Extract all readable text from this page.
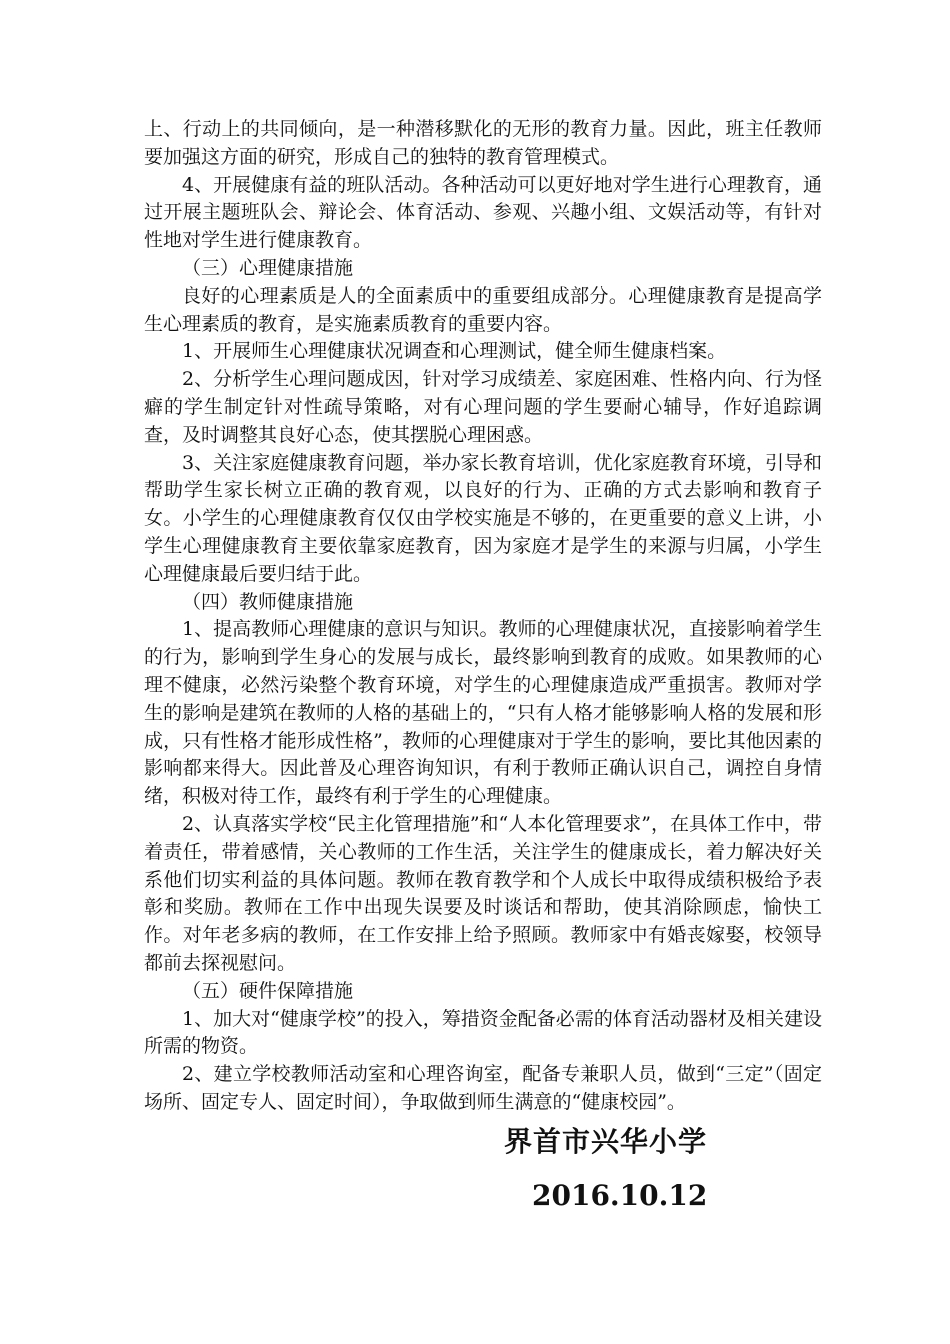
上、行动上的共同倾向，是一种潜移默化的无形的教育力量。因此，班主任教师要加强这方面的研究，形成自己的独特的教育管理模式。

4、开展健康有益的班队活动。各种活动可以更好地对学生进行心理教育，通过开展主题班队会、辩论会、体育活动、参观、兴趣小组、文娱活动等，有针对性地对学生进行健康教育。

（三）心理健康措施

良好的心理素质是人的全面素质中的重要组成部分。心理健康教育是提高学生心理素质的教育，是实施素质教育的重要内容。

1、开展师生心理健康状况调查和心理测试，健全师生健康档案。

2、分析学生心理问题成因，针对学习成绩差、家庭困难、性格内向、行为怪癖的学生制定针对性疏导策略，对有心理问题的学生要耐心辅导，作好追踪调查，及时调整其良好心态，使其摆脱心理困惑。

3、关注家庭健康教育问题，举办家长教育培训，优化家庭教育环境，引导和帮助学生家长树立正确的教育观，以良好的行为、正确的方式去影响和教育子女。小学生的心理健康教育仅仅由学校实施是不够的，在更重要的意义上讲，小学生心理健康教育主要依靠家庭教育，因为家庭才是学生的来源与归属，小学生心理健康最后要归结于此。

（四）教师健康措施

1、提高教师心理健康的意识与知识。教师的心理健康状况，直接影响着学生的行为，影响到学生身心的发展与成长，最终影响到教育的成败。如果教师的心理不健康，必然污染整个教育环境，对学生的心理健康造成严重损害。教师对学生的影响是建筑在教师的人格的基础上的，“只有人格才能够影响人格的发展和形成，只有性格才能形成性格”，教师的心理健康对于学生的影响，要比其他因素的影响都来得大。因此普及心理咨询知识，有利于教师正确认识自己，调控自身情绪，积极对待工作，最终有利于学生的心理健康。

2、认真落实学校“民主化管理措施”和“人本化管理要求”，在具体工作中，带着责任，带着感情，关心教师的工作生活，关注学生的健康成长，着力解决好关系他们切实利益的具体问题。教师在教育教学和个人成长中取得成绩积极给予表彰和奖励。教师在工作中出现失误要及时谈话和帮助，使其消除顾虑，愉快工作。对年老多病的教师，在工作安排上给予照顾。教师家中有婚丧嫁娶，校领导都前去探视慰问。

（五）硬件保障措施

1、加大对“健康学校”的投入，筹措资金配备必需的体育活动器材及相关建设所需的物资。

2、建立学校教师活动室和心理咨询室，配备专兼职人员，做到“三定”（固定场所、固定专人、固定时间），争取做到师生满意的“健康校园”。

界首市兴华小学
2016.10.12
